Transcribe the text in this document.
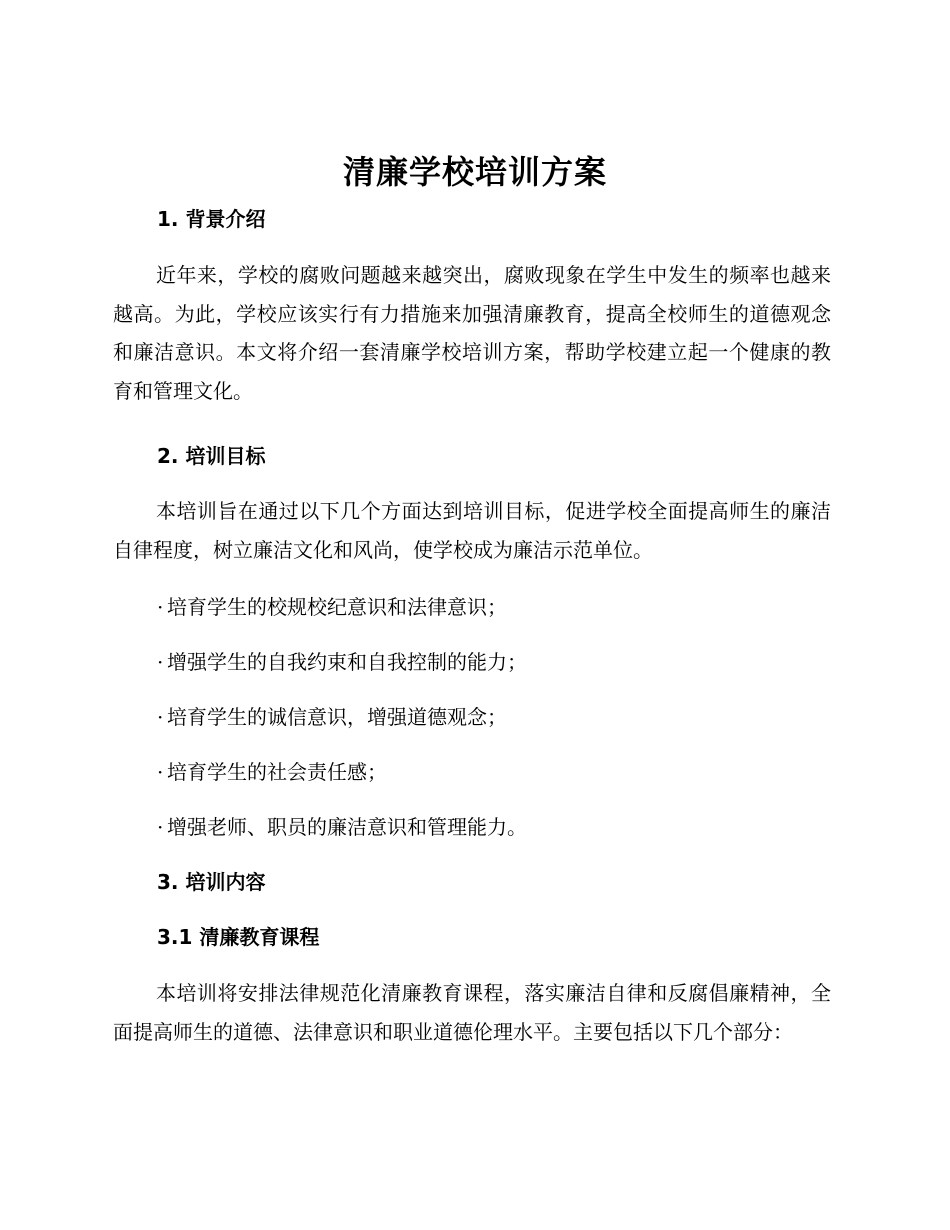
清廉学校培训方案
1. 背景介绍

近年来，学校的腐败问题越来越突出，腐败现象在学生中发生的频率也越来越高。为此，学校应该实行有力措施来加强清廉教育，提高全校师生的道德观念和廉洁意识。本文将介绍一套清廉学校培训方案，帮助学校建立起一个健康的教育和管理文化。

2. 培训目标

本培训旨在通过以下几个方面达到培训目标，促进学校全面提高师生的廉洁自律程度，树立廉洁文化和风尚，使学校成为廉洁示范单位。

· 培育学生的校规校纪意识和法律意识；
· 增强学生的自我约束和自我控制的能力；
· 培育学生的诚信意识，增强道德观念；
· 培育学生的社会责任感；
· 增强老师、职员的廉洁意识和管理能力。
3. 培训内容
3.1 清廉教育课程

本培训将安排法律规范化清廉教育课程，落实廉洁自律和反腐倡廉精神，全面提高师生的道德、法律意识和职业道德伦理水平。主要包括以下几个部分：
